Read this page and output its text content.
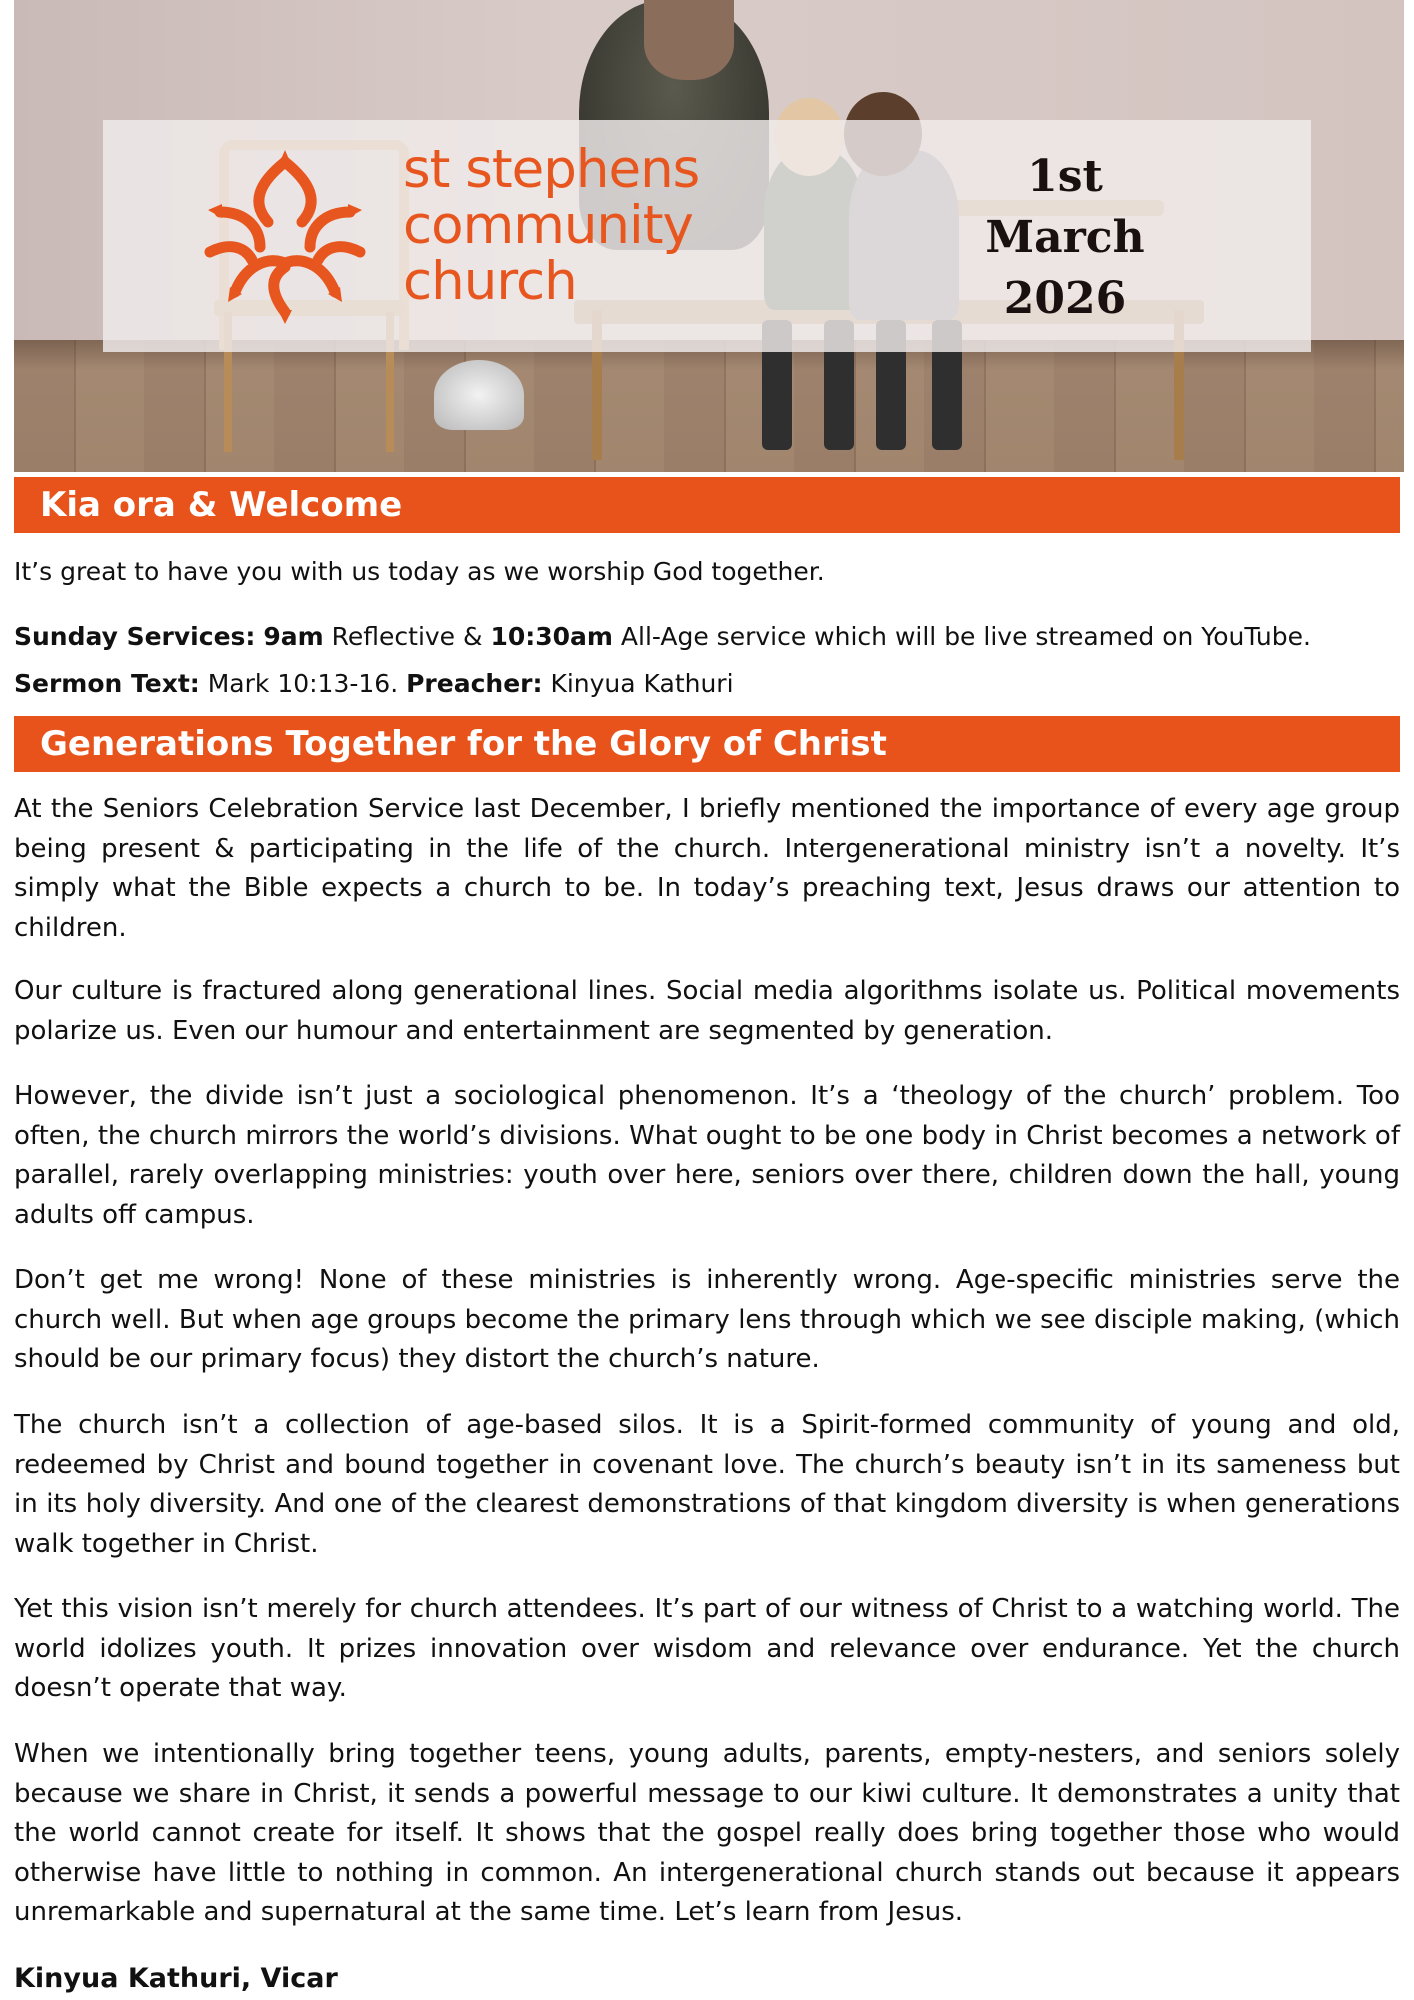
st stephens
community
church
1st
March
2026
Kia ora & Welcome
It’s great to have you with us today as we worship God together.
Sunday Services: 9am Reflective & 10:30am All-Age service which will be live streamed on YouTube.
Sermon Text: Mark 10:13-16. Preacher: Kinyua Kathuri
Generations Together for the Glory of Christ
At the Seniors Celebration Service last December, I briefly mentioned the importance of every age group being present & participating in the life of the church. Intergenerational ministry isn’t a novelty. It’s simply what the Bible expects a church to be. In today’s preaching text, Jesus draws our attention to children.
Our culture is fractured along generational lines. Social media algorithms isolate us. Political movements polarize us. Even our humour and entertainment are segmented by generation.
However, the divide isn’t just a sociological phenomenon. It’s a ‘theology of the church’ problem. Too often, the church mirrors the world’s divisions. What ought to be one body in Christ becomes a network of parallel, rarely overlapping ministries: youth over here, seniors over there, children down the hall, young adults off campus.
Don’t get me wrong! None of these ministries is inherently wrong. Age-specific ministries serve the church well. But when age groups become the primary lens through which we see disciple making, (which should be our primary focus) they distort the church’s nature.
The church isn’t a collection of age-based silos. It is a Spirit-formed community of young and old, redeemed by Christ and bound together in covenant love. The church’s beauty isn’t in its sameness but in its holy diversity. And one of the clearest demonstrations of that kingdom diversity is when generations walk together in Christ.
Yet this vision isn’t merely for church attendees. It’s part of our witness of Christ to a watching world. The world idolizes youth. It prizes innovation over wisdom and relevance over endurance. Yet the church doesn’t operate that way.
When we intentionally bring together teens, young adults, parents, empty-nesters, and seniors solely because we share in Christ, it sends a powerful message to our kiwi culture. It demonstrates a unity that the world cannot create for itself. It shows that the gospel really does bring together those who would otherwise have little to nothing in common. An intergenerational church stands out because it appears unremarkable and supernatural at the same time. Let’s learn from Jesus.
Kinyua Kathuri, Vicar
